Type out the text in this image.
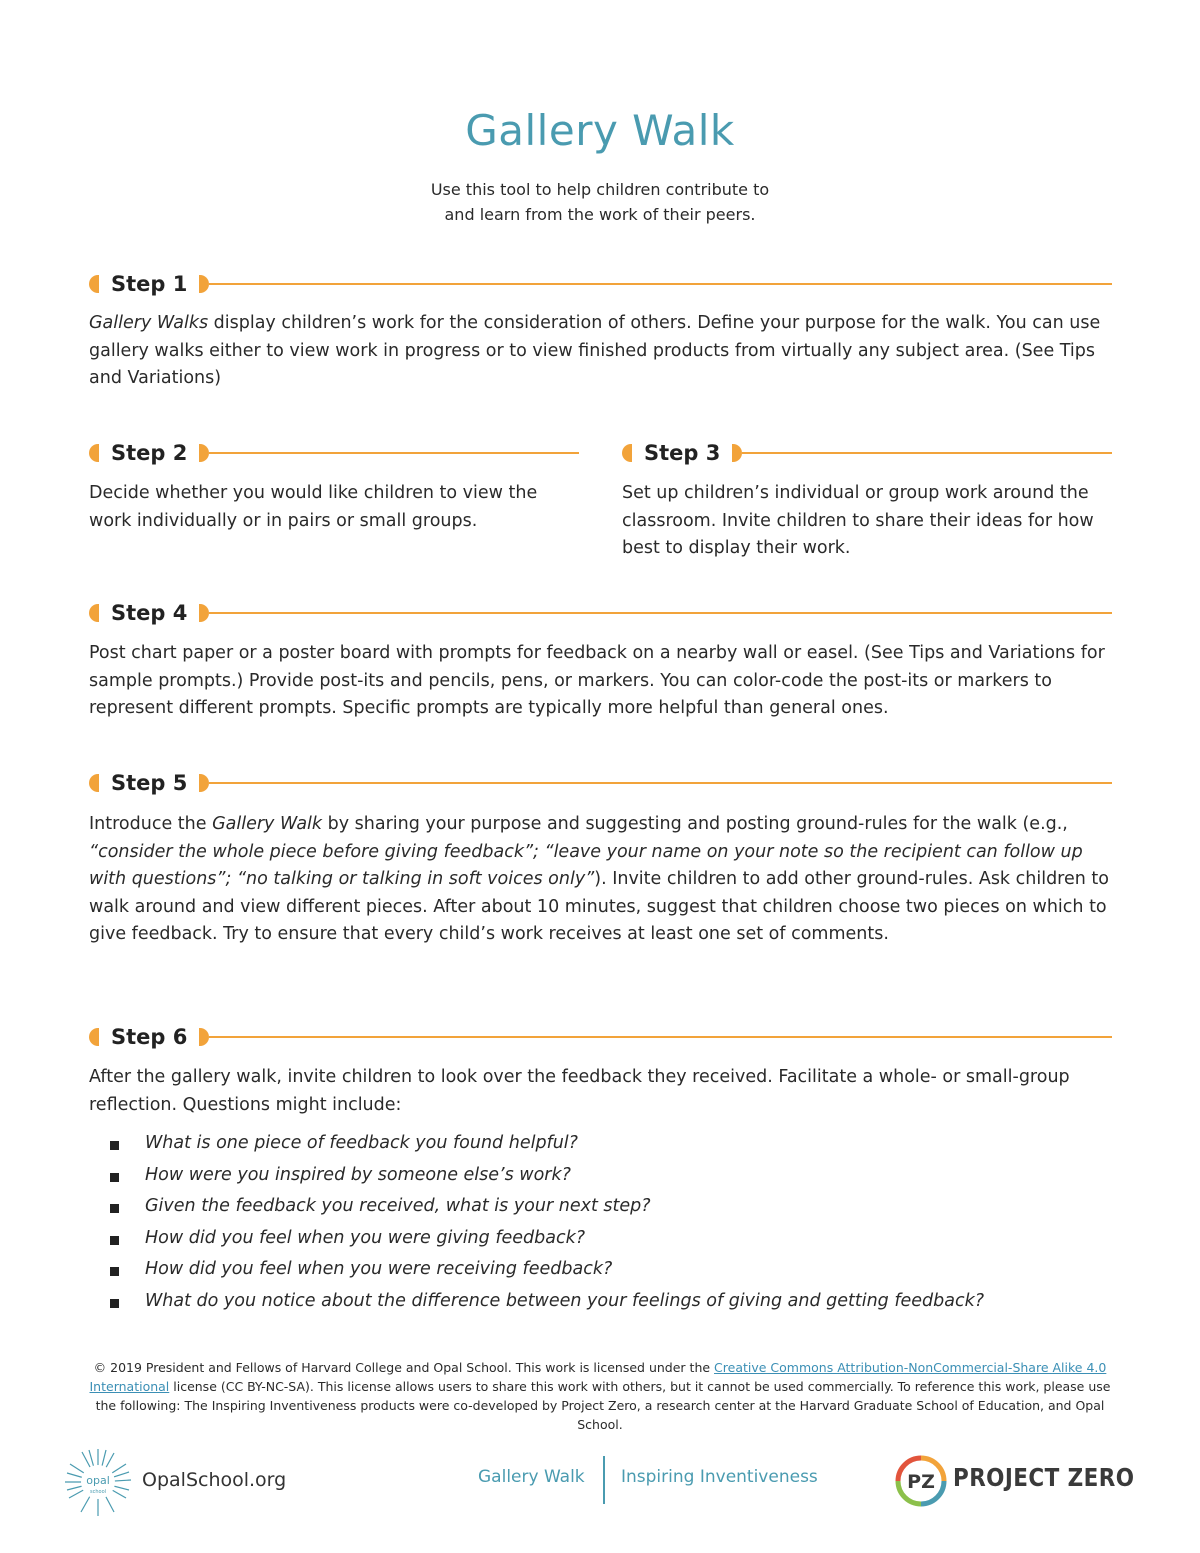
Gallery Walk
Use this tool to help children contribute to
and learn from the work of their peers.
Step 1
Gallery Walks display children’s work for the consideration of others. Define your purpose for the walk. You can use gallery walks either to view work in progress or to view finished products from virtually any subject area. (See Tips and Variations)
Step 2
Decide whether you would like children to view the work individually or in pairs or small groups.
Step 3
Set up children’s individual or group work around the classroom. Invite children to share their ideas for how best to display their work.
Step 4
Post chart paper or a poster board with prompts for feedback on a nearby wall or easel. (See Tips and Variations for sample prompts.) Provide post-its and pencils, pens, or markers. You can color-code the post-its or markers to represent different prompts. Specific prompts are typically more helpful than general ones.
Step 5
Introduce the Gallery Walk by sharing your purpose and suggesting and posting ground-rules for the walk (e.g., “consider the whole piece before giving feedback”; “leave your name on your note so the recipient can follow up with questions”; “no talking or talking in soft voices only”). Invite children to add other ground-rules. Ask children to walk around and view different pieces. After about 10 minutes, suggest that children choose two pieces on which to give feedback. Try to ensure that every child’s work receives at least one set of comments.
Step 6
After the gallery walk, invite children to look over the feedback they received. Facilitate a whole- or small-group reflection. Questions might include:
What is one piece of feedback you found helpful?
How were you inspired by someone else’s work?
Given the feedback you received, what is your next step?
How did you feel when you were giving feedback?
How did you feel when you were receiving feedback?
What do you notice about the difference between your feelings of giving and getting feedback?
© 2019 President and Fellows of Harvard College and Opal School. This work is licensed under the Creative Commons Attribution-NonCommercial-Share Alike 4.0 International license (CC BY-NC-SA). This license allows users to share this work with others, but it cannot be used commercially. To reference this work, please use the following: The Inspiring Inventiveness products were co-developed by Project Zero, a research center at the Harvard Graduate School of Education, and Opal School.
opal
school
OpalSchool.org	Gallery Walk Inspiring Inventiveness	PZ PROJECT ZERO
